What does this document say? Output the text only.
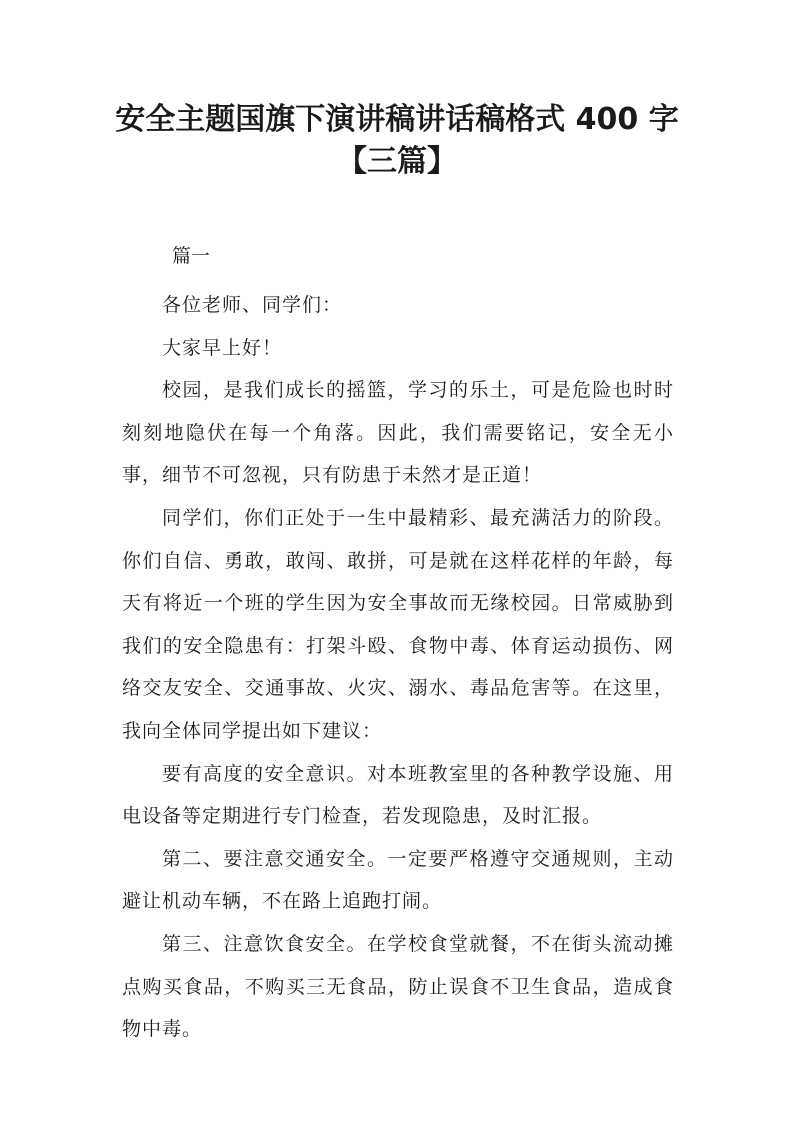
安全主题国旗下演讲稿讲话稿格式 400 字
【三篇】
篇一

各位老师、同学们：

大家早上好！

校园，是我们成长的摇篮，学习的乐土，可是危险也时时刻刻地隐伏在每一个角落。因此，我们需要铭记，安全无小事，细节不可忽视，只有防患于未然才是正道！

同学们，你们正处于一生中最精彩、最充满活力的阶段。你们自信、勇敢，敢闯、敢拼，可是就在这样花样的年龄，每天有将近一个班的学生因为安全事故而无缘校园。日常威胁到我们的安全隐患有：打架斗殴、食物中毒、体育运动损伤、网络交友安全、交通事故、火灾、溺水、毒品危害等。在这里，我向全体同学提出如下建议：

要有高度的安全意识。对本班教室里的各种教学设施、用电设备等定期进行专门检查，若发现隐患，及时汇报。

第二、要注意交通安全。一定要严格遵守交通规则，主动避让机动车辆，不在路上追跑打闹。

第三、注意饮食安全。在学校食堂就餐，不在街头流动摊点购买食品，不购买三无食品，防止误食不卫生食品，造成食物中毒。
